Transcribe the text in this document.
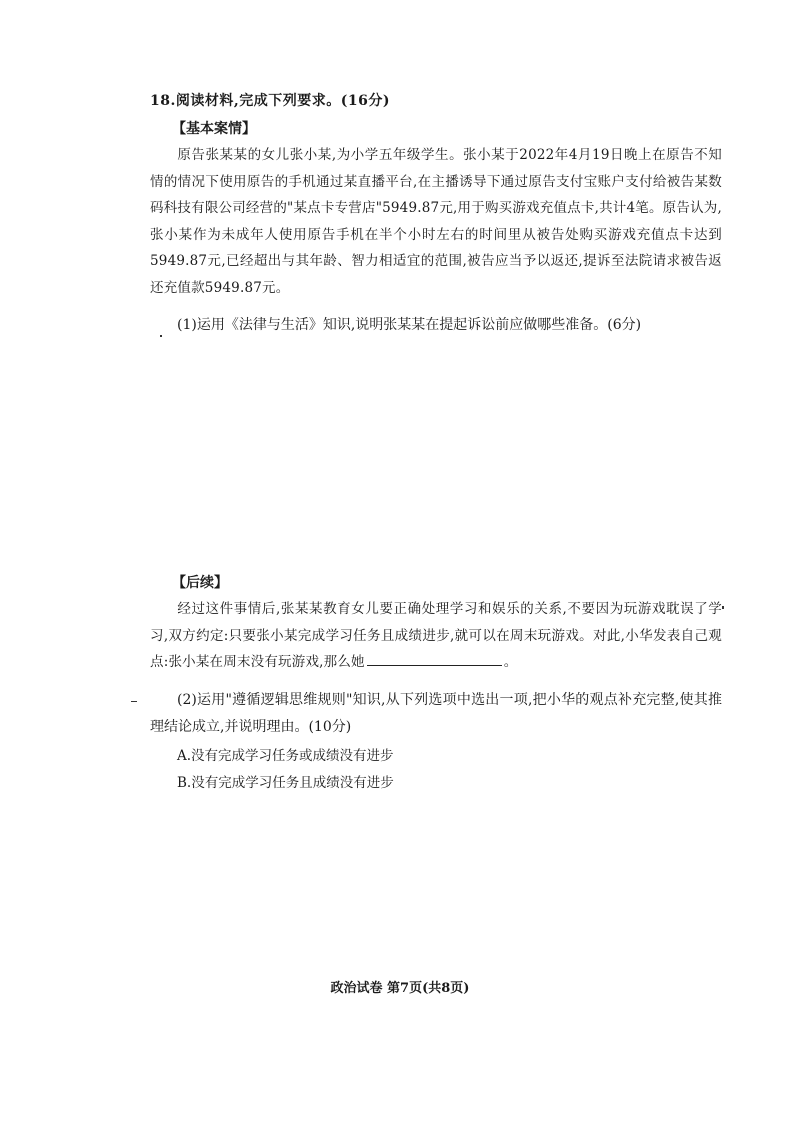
18.阅读材料,完成下列要求。(16分)
【基本案情】
原告张某某的女儿张小某,为小学五年级学生。张小某于2022年4月19日晚上在原告不知情的情况下使用原告的手机通过某直播平台,在主播诱导下通过原告支付宝账户支付给被告某数码科技有限公司经营的"某点卡专营店"5949.87元,用于购买游戏充值点卡,共计4笔。原告认为,张小某作为未成年人使用原告手机在半个小时左右的时间里从被告处购买游戏充值点卡达到5949.87元,已经超出与其年龄、智力相适宜的范围,被告应当予以返还,提诉至法院请求被告返还充值款5949.87元。
(1)运用《法律与生活》知识,说明张某某在提起诉讼前应做哪些准备。(6分)
【后续】
经过这件事情后,张某某教育女儿要正确处理学习和娱乐的关系,不要因为玩游戏耽误了学习,双方约定:只要张小某完成学习任务且成绩进步,就可以在周末玩游戏。对此,小华发表自己观点:张小某在周末没有玩游戏,那么她	。
(2)运用"遵循逻辑思维规则"知识,从下列选项中选出一项,把小华的观点补充完整,使其推理结论成立,并说明理由。(10分)
A.没有完成学习任务或成绩没有进步
B.没有完成学习任务且成绩没有进步
政治试卷 第7页(共8页)
